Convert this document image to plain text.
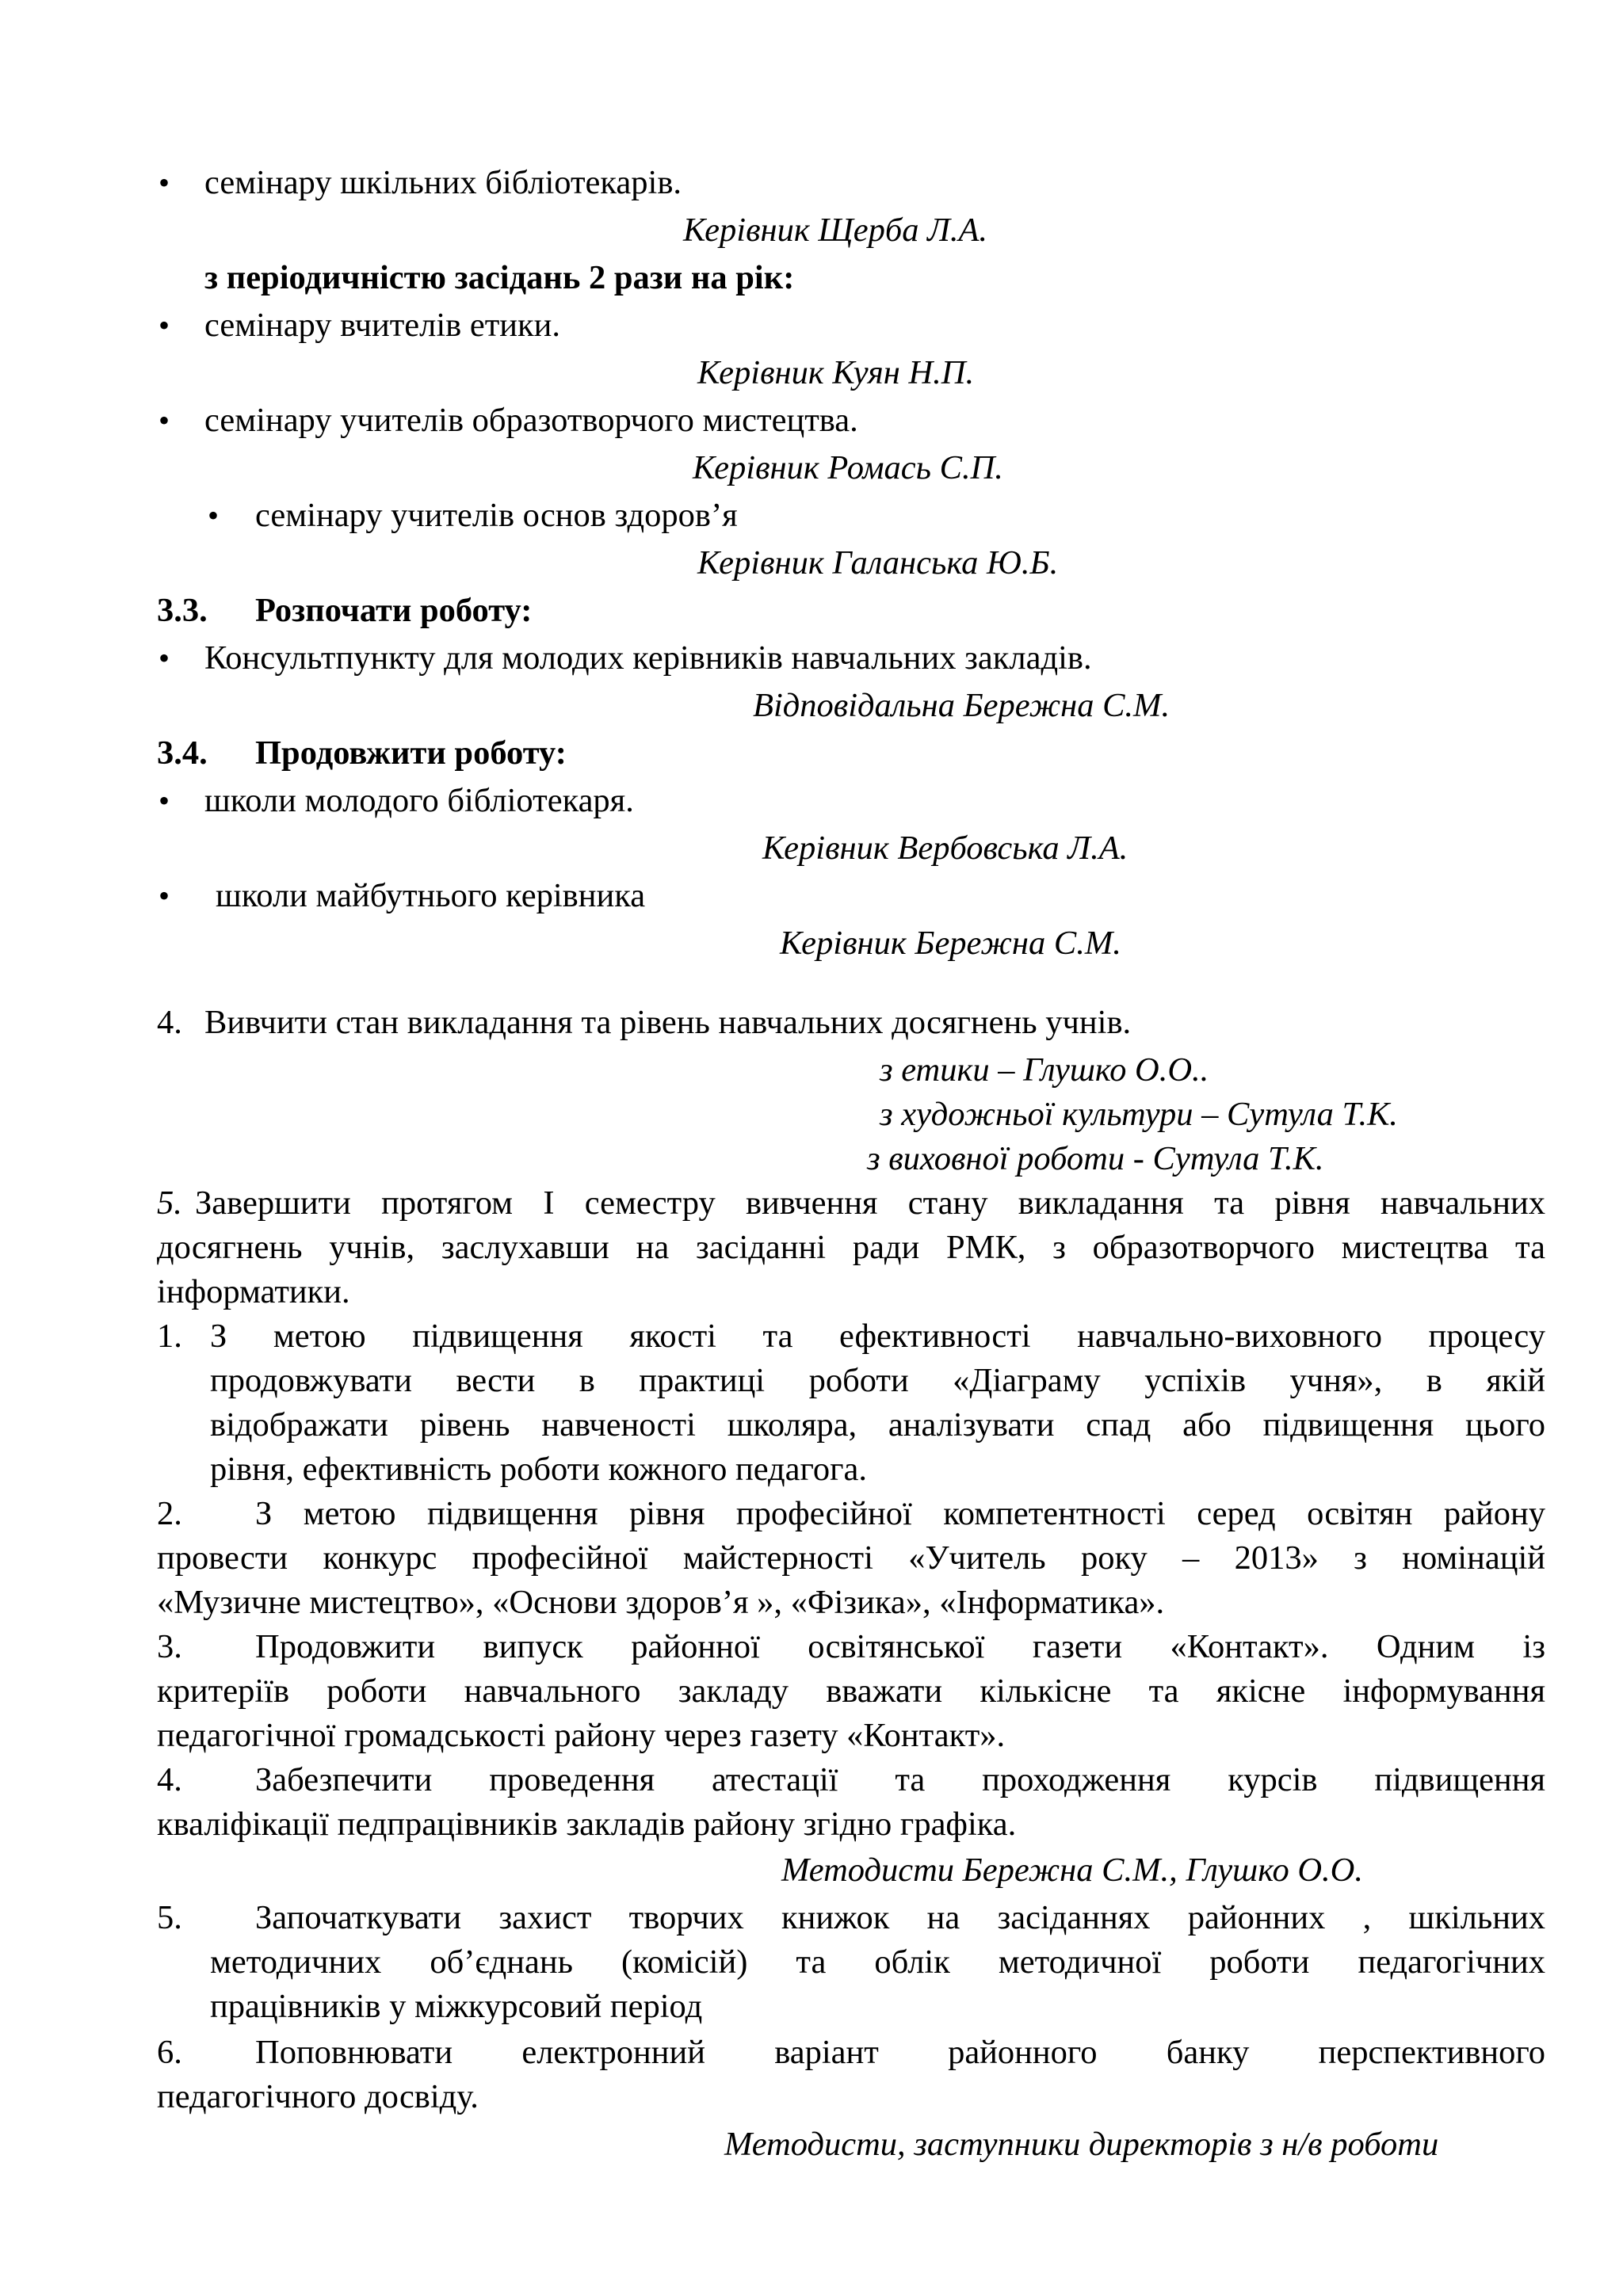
• семінару шкільних бібліотекарів.
Керівник Щерба Л.А.
з періодичністю засідань 2 рази на рік:
• семінару вчителів етики.
Керівник Куян Н.П.
• семінару учителів образотворчого мистецтва.
Керівник Ромась С.П.
• семінару учителів основ здоров’я
Керівник Галанська Ю.Б.
3.3. Розпочати роботу:
• Консультпункту для молодих керівників навчальних закладів.
Відповідальна Бережна С.М.
3.4. Продовжити роботу:
• школи молодого бібліотекаря.
Керівник Вербовська Л.А.
• школи майбутнього керівника
Керівник Бережна С.М.
4. Вивчити стан викладання та рівень навчальних досягнень учнів.
з етики – Глушко О.О..
з художньої культури – Сутула Т.К.
з виховної роботи - Сутула Т.К.
5. Завершити протягом І семестру вивчення стану викладання та рівня навчальних
досягнень учнів, заслухавши на засіданні ради РМК, з образотворчого мистецтва та
інформатики.
1. З метою підвищення якості та ефективності навчально-виховного процесу
продовжувати вести в практиці роботи «Діаграму успіхів учня», в якій
відображати рівень навченості школяра, аналізувати спад або підвищення цього
рівня, ефективність роботи кожного педагога.
2. З метою підвищення рівня професійної компетентності серед освітян району
провести конкурс професійної майстерності «Учитель року – 2013» з номінацій
«Музичне мистецтво», «Основи здоров’я », «Фізика», «Інформатика».
3. Продовжити випуск районної освітянської газети «Контакт». Одним із
критеріїв роботи навчального закладу вважати кількісне та якісне інформування
педагогічної громадськості району через газету «Контакт».
4. Забезпечити проведення атестації та проходження курсів підвищення
кваліфікації педпрацівників закладів району згідно графіка.
Методисти Бережна С.М., Глушко О.О.
5. Започаткувати захист творчих книжок на засіданнях районних , шкільних
методичних об’єднань (комісій) та облік методичної роботи педагогічних
працівників у міжкурсовий період
6. Поповнювати електронний варіант районного банку перспективного
педагогічного досвіду.
Методисти, заступники директорів з н/в роботи
